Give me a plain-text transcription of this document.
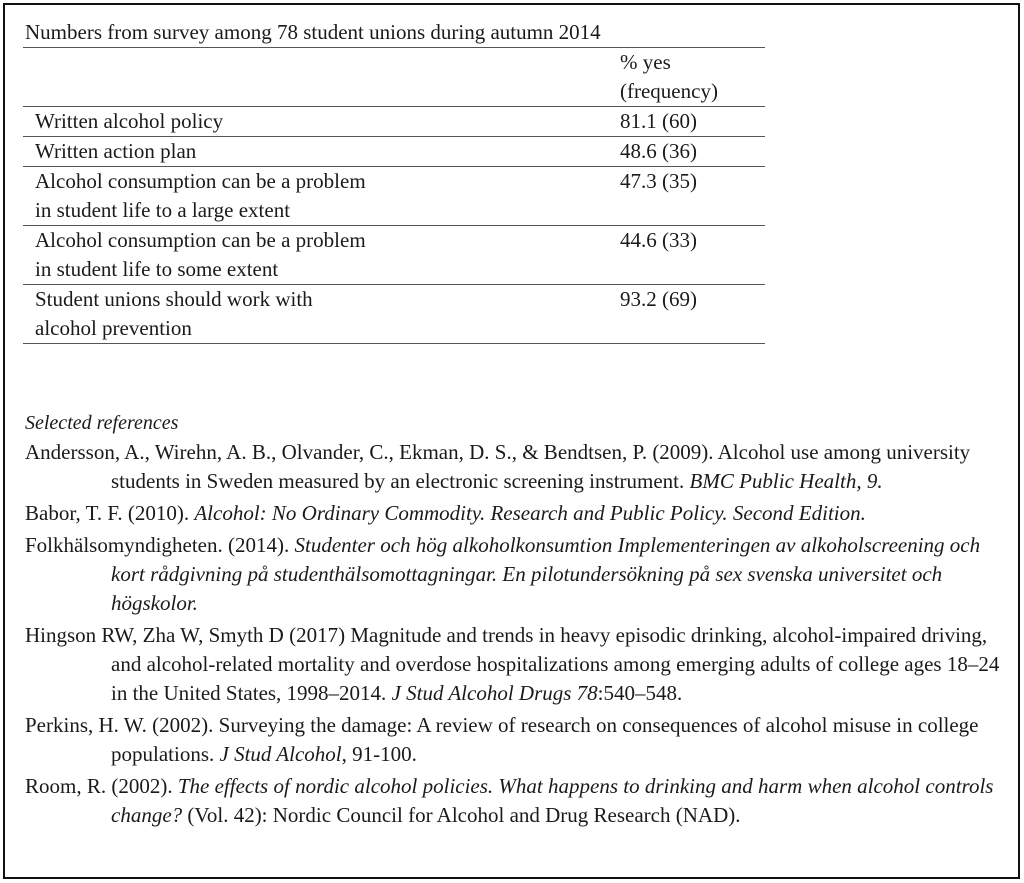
Numbers from survey among 78 student unions during autumn 2014	
	% yes
(frequency)
Written alcohol policy	81.1 (60)
Written action plan	48.6 (36)
Alcohol consumption can be a problem
in student life to a large extent	47.3 (35)
Alcohol consumption can be a problem
in student life to some extent	44.6 (33)
Student unions should work with
alcohol prevention	93.2 (69)

Selected references

Andersson, A., Wirehn, A. B., Olvander, C., Ekman, D. S., & Bendtsen, P. (2009). Alcohol use among university students in Sweden measured by an electronic screening instrument. BMC Public Health, 9.

Babor, T. F. (2010). Alcohol: No Ordinary Commodity. Research and Public Policy. Second Edition.

Folkhälsomyndigheten. (2014). Studenter och hög alkoholkonsumtion Implementeringen av alkoholscreening och kort rådgivning på studenthälsomottagningar. En pilotundersökning på sex svenska universitet och högskolor.

Hingson RW, Zha W, Smyth D (2017) Magnitude and trends in heavy episodic drinking, alcohol-impaired driving, and alcohol-related mortality and overdose hospitalizations among emerging adults of college ages 18–24 in the United States, 1998–2014. J Stud Alcohol Drugs 78:540–548.

Perkins, H. W. (2002). Surveying the damage: A review of research on consequences of alcohol misuse in college populations. J Stud Alcohol, 91-100.

Room, R. (2002). The effects of nordic alcohol policies. What happens to drinking and harm when alcohol controls change? (Vol. 42): Nordic Council for Alcohol and Drug Research (NAD).
